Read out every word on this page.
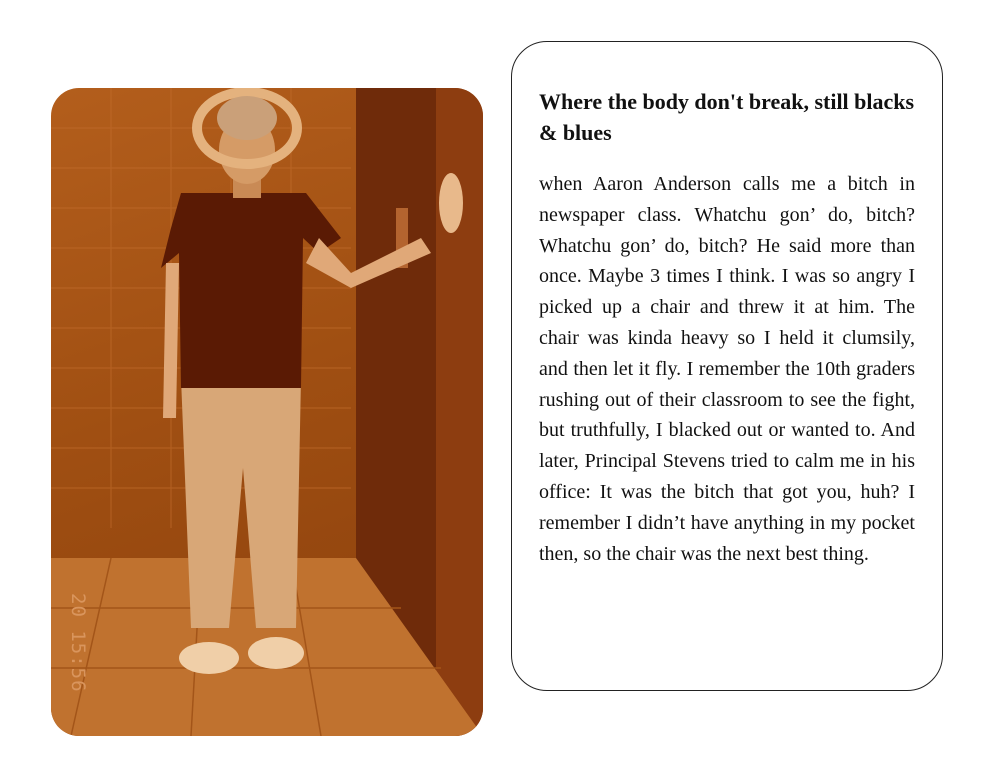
20 15:56
Where the body don't break, still blacks & blues

when Aaron Anderson calls me a bitch in newspaper class. Whatchu gon’ do, bitch? Whatchu gon’ do, bitch? He said more than once. Maybe 3 times I think. I was so angry I picked up a chair and threw it at him. The chair was kinda heavy so I held it clumsily, and then let it fly. I remember the 10th graders rushing out of their classroom to see the fight, but truthfully, I blacked out or wanted to. And later, Principal Stevens tried to calm me in his office: It was the bitch that got you, huh? I remember I didn’t have anything in my pocket then, so the chair was the next best thing.
